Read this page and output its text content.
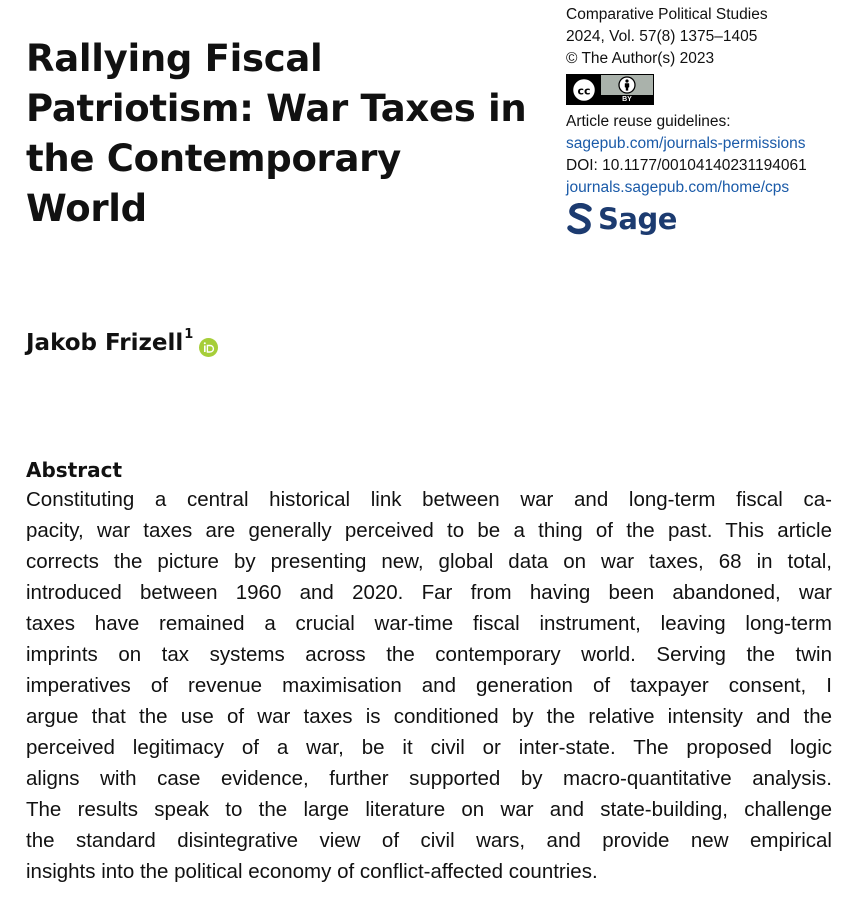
Rallying Fiscal
Patriotism: War Taxes in
the Contemporary
World
Comparative Political Studies
2024, Vol. 57(8) 1375–1405
© The Author(s) 2023
cc
BY
Article reuse guidelines:
sagepub.com/journals-permissions
DOI: 10.1177/00104140231194061
journals.sagepub.com/home/cps
Sage
Jakob Frizell$^1$
Abstract
Constituting a central historical link between war and long-term fiscal ca-
pacity, war taxes are generally perceived to be a thing of the past. This article
corrects the picture by presenting new, global data on war taxes, 68 in total,
introduced between 1960 and 2020. Far from having been abandoned, war
taxes have remained a crucial war-time fiscal instrument, leaving long-term
imprints on tax systems across the contemporary world. Serving the twin
imperatives of revenue maximisation and generation of taxpayer consent, I
argue that the use of war taxes is conditioned by the relative intensity and the
perceived legitimacy of a war, be it civil or inter-state. The proposed logic
aligns with case evidence, further supported by macro-quantitative analysis.
The results speak to the large literature on war and state-building, challenge
the standard disintegrative view of civil wars, and provide new empirical
insights into the political economy of conflict-affected countries.
